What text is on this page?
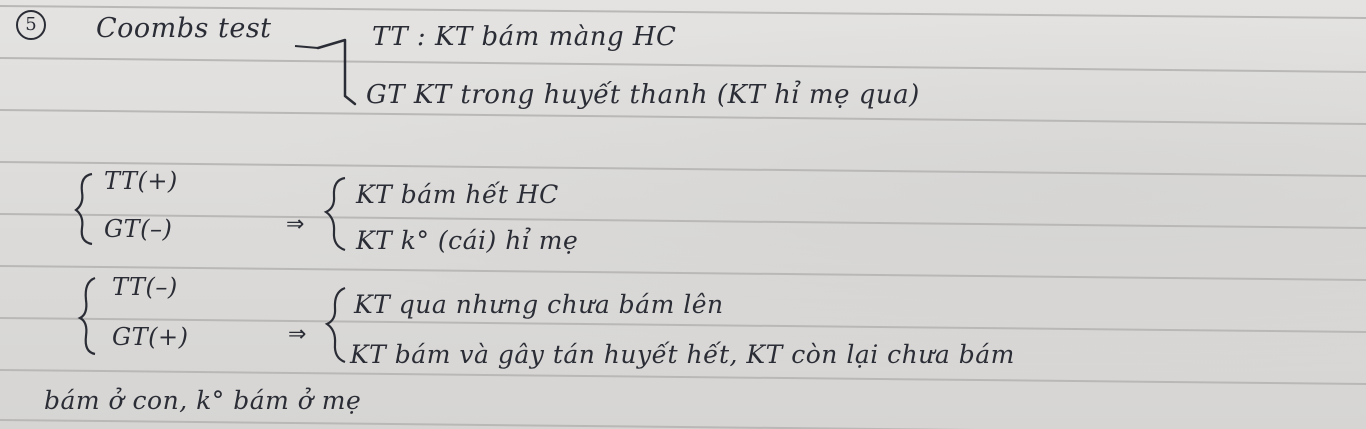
5	Coombs test	TT : KT bám màng HC
GT KT trong huyết thanh (KT hỉ mẹ qua)
TT(+)
GT(–)	⇒
KT bám hết HC
KT k° (cái) hỉ mẹ
TT(–)
GT(+)	⇒
KT qua nhưng chưa bám lên
KT bám và gây tán huyết hết, KT còn lại chưa bám
bám ở con, k° bám ở mẹ
